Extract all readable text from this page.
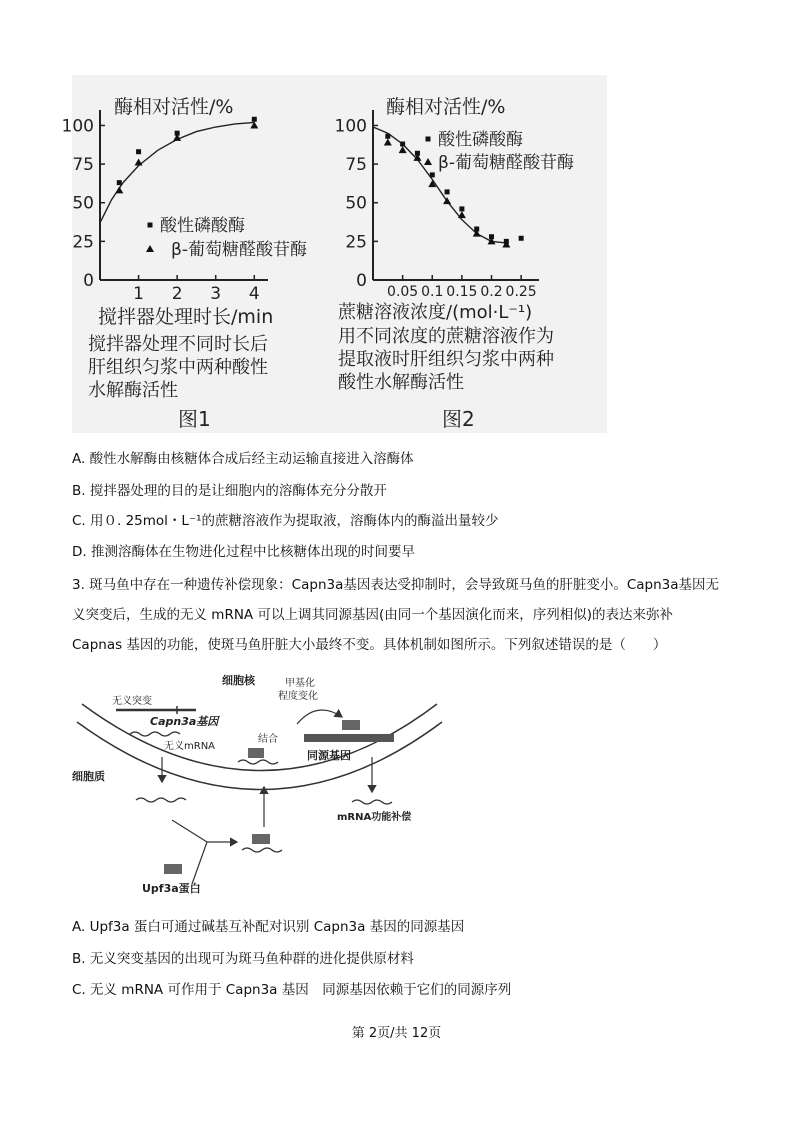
酶相对活性/%
0
25
50
75
100
1 2 3 4
搅拌器处理时长/min
酸性磷酸酶
β-葡萄糖醛酸苷酶
搅拌器处理不同时长后
肝组织匀浆中两种酸性
水解酶活性
图1
酶相对活性/%
0
25
50
75
100
0.05 0.1 0.15 0.2 0.25
酸性磷酸酶
β-葡萄糖醛酸苷酶
蔗糖溶液浓度/(mol·L⁻¹)
用不同浓度的蔗糖溶液作为
提取液时肝组织匀浆中两种
酸性水解酶活性
图2
A. 酸性水解酶由核糖体合成后经主动运输直接进入溶酶体
B. 搅拌器处理的目的是让细胞内的溶酶体充分分散开
C. 用０. 25mol・L⁻¹的蔗糖溶液作为提取液，溶酶体内的酶溢出量较少
D. 推测溶酶体在生物进化过程中比核糖体出现的时间要早
3. 斑马鱼中存在一种遗传补偿现象：Capn3a基因表达受抑制时，会导致斑马鱼的肝脏变小。Capn3a基因无义突变后，生成的无义 mRNA 可以上调其同源基因(由同一个基因演化而来，序列相似)的表达来弥补 Capnas 基因的功能，使斑马鱼肝脏大小最终不变。具体机制如图所示。下列叙述错误的是（　　）
细胞核
细胞质
无义突变
Capn3a基因
无义mRNA
甲基化
程度变化
结合
同源基因
mRNA功能补偿
Upf3a蛋白
A. Upf3a 蛋白可通过碱基互补配对识别 Capn3a 基因的同源基因
B. 无义突变基因的出现可为斑马鱼种群的进化提供原材料
C. 无义 mRNA 可作用于 Capn3a 基因　同源基因依赖于它们的同源序列
第 2页/共 12页
